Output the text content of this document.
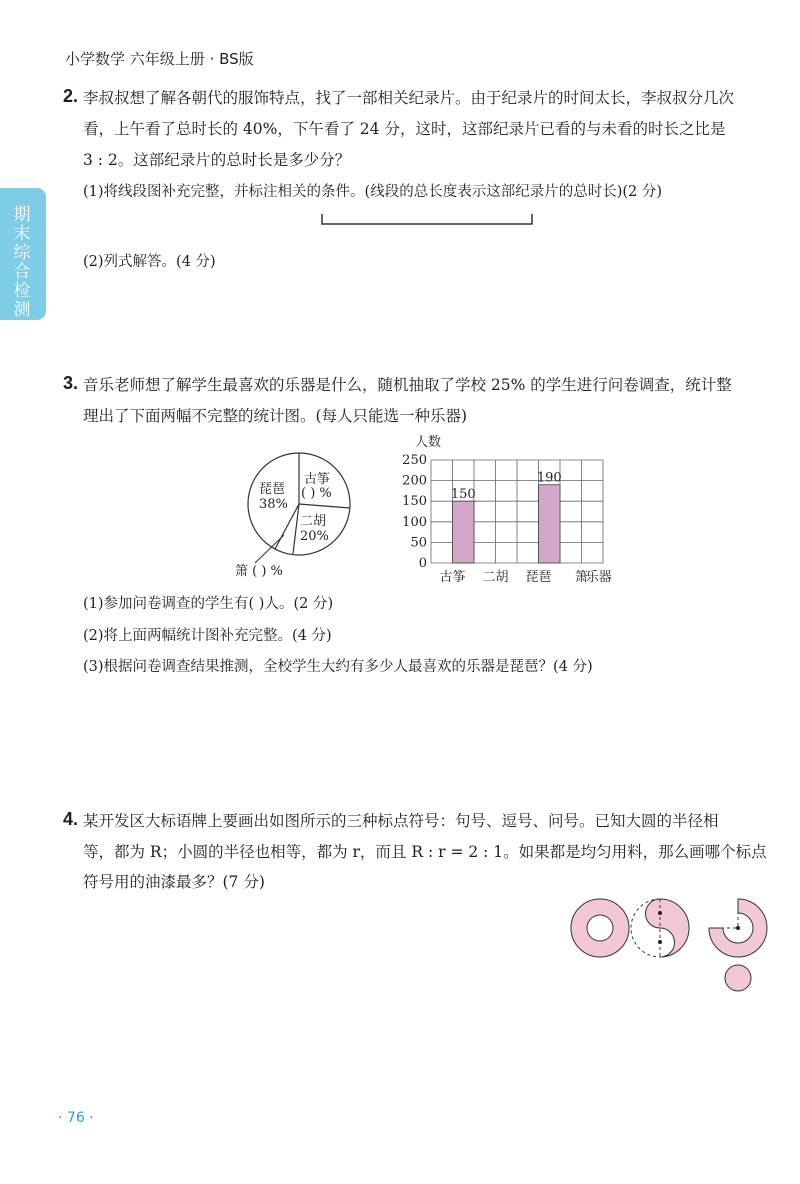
小学数学 六年级上册 · BS版
期末综合检测
2. 李叔叔想了解各朝代的服饰特点，找了一部相关纪录片。由于纪录片的时间太长，李叔叔分几次
看，上午看了总时长的 40%，下午看了 24 分，这时，这部纪录片已看的与未看的时长之比是
3 : 2。这部纪录片的总时长是多少分？
(1)将线段图补充完整，并标注相关的条件。(线段的总长度表示这部纪录片的总时长)(2 分)
(2)列式解答。(4 分)
3. 音乐老师想了解学生最喜欢的乐器是什么，随机抽取了学校 25% 的学生进行问卷调查，统计整
理出了下面两幅不完整的统计图。(每人只能选一种乐器)
琵琶
38%
古筝
( ) %
二胡
20%
箫 ( ) %
人数
0
50
100
150
200
250
古筝 二胡 琵琶 箫
150
190
乐器
(1)参加问卷调查的学生有( )人。(2 分)
(2)将上面两幅统计图补充完整。(4 分)
(3)根据问卷调查结果推测，全校学生大约有多少人最喜欢的乐器是琵琶？(4 分)
4. 某开发区大标语牌上要画出如图所示的三种标点符号：句号、逗号、问号。已知大圆的半径相
等，都为 R；小圆的半径也相等，都为 r，而且 R : r = 2 : 1。如果都是均匀用料，那么画哪个标点
符号用的油漆最多？(7 分)
· 76 ·
